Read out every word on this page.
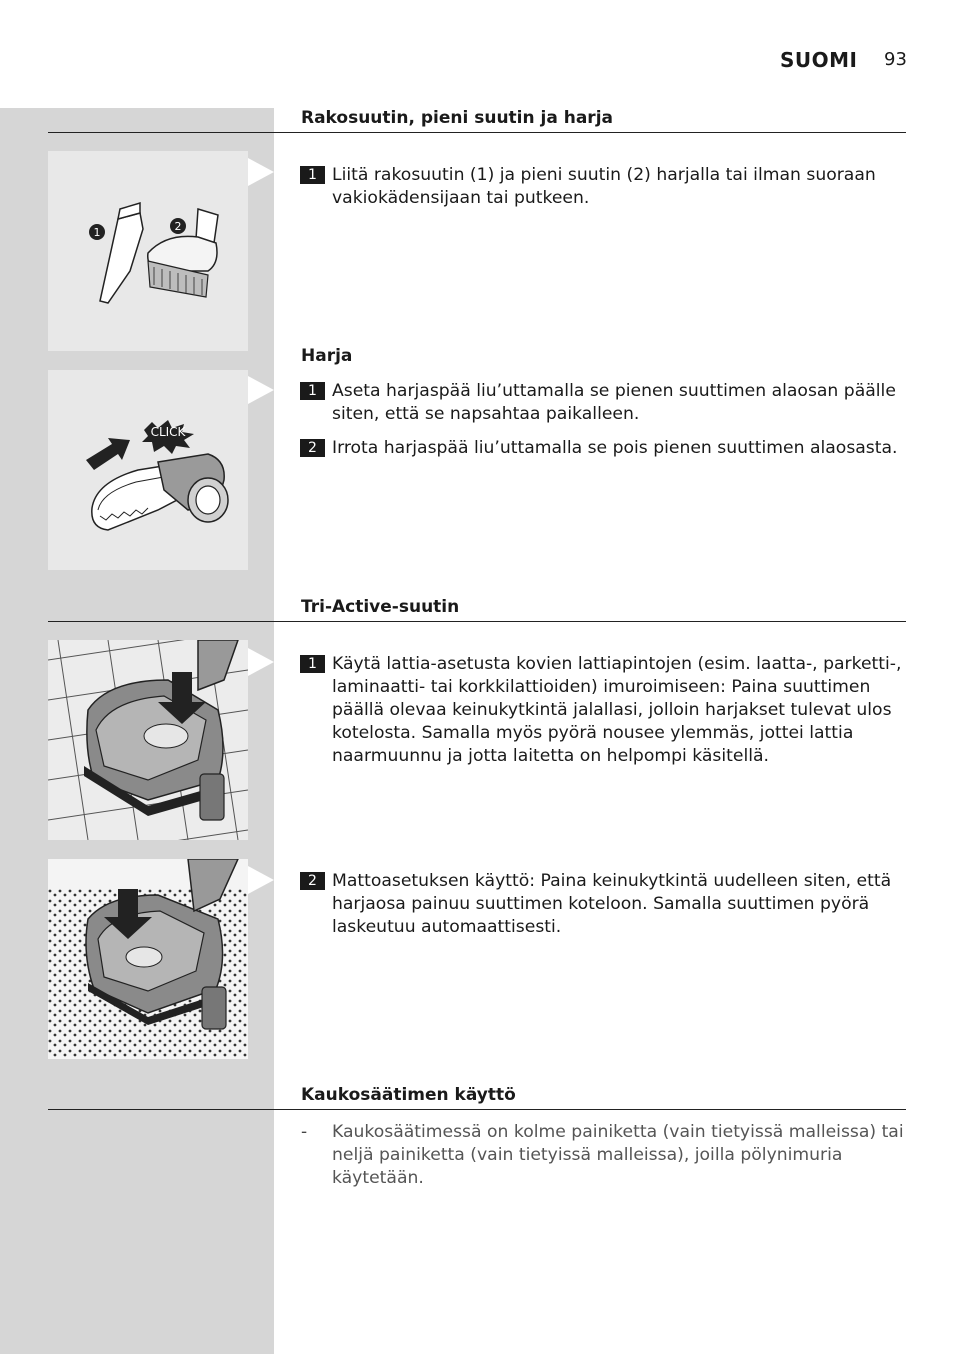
SUOMI 93
Rakosuutin, pieni suutin ja harja
1	2
1 Liitä rakosuutin (1) ja pieni suutin (2) harjalla tai ilman suoraan vakiokädensijaan tai putkeen.
Harja
CLICK
1 Aseta harjaspää liu’uttamalla se pienen suuttimen alaosan päälle siten, että se napsahtaa paikalleen.
2 Irrota harjaspää liu’uttamalla se pois pienen suuttimen alaosasta.
Tri-Active-suutin
1 Käytä lattia-asetusta kovien lattiapintojen (esim. laatta-, parketti-, laminaatti- tai korkkilattioiden) imuroimiseen: Paina suuttimen päällä olevaa keinukytkintä jalallasi, jolloin harjakset tulevat ulos kotelosta. Samalla myös pyörä nousee ylemmäs, jottei lattia naarmuunnu ja jotta laitetta on helpompi käsitellä.
2 Mattoasetuksen käyttö: Paina keinukytkintä uudelleen siten, että harjaosa painuu suuttimen koteloon. Samalla suuttimen pyörä laskeutuu automaattisesti.
Kaukosäätimen käyttö
- Kaukosäätimessä on kolme painiketta (vain tietyissä malleissa) tai neljä painiketta (vain tietyissä malleissa), joilla pölynimuria käytetään.
